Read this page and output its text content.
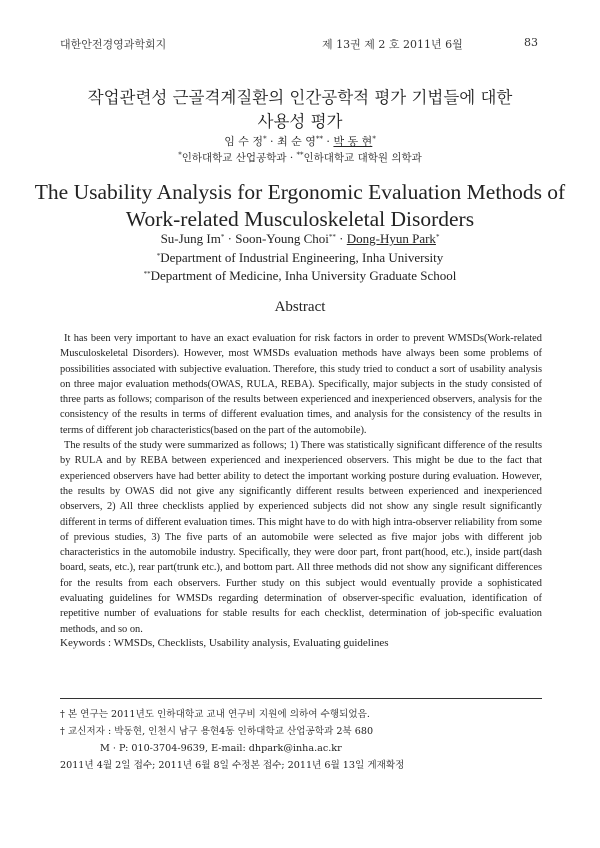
대한안전경영과학회지	제 13권 제 2 호 2011년 6월	83
작업관련성 근골격계질환의 인간공학적 평가 기법들에 대한
사용성 평가
임 수 정* · 최 순 영** · 박 동 현*
*인하대학교 산업공학과 · **인하대학교 대학원 의학과
The Usability Analysis for Ergonomic Evaluation Methods of
Work-related Musculoskeletal Disorders
Su-Jung Im* · Soon-Young Choi** · Dong-Hyun Park*
*Department of Industrial Engineering, Inha University
**Department of Medicine, Inha University Graduate School
Abstract

It has been very important to have an exact evaluation for risk factors in order to prevent WMSDs(Work-related Musculoskeletal Disorders). However, most WMSDs evaluation methods have always been some problems of possibilities associated with subjective evaluation. Therefore, this study tried to conduct a sort of usability analysis on three major evaluation methods(OWAS, RULA, REBA). Specifically, major subjects in the study consisted of three parts as follows; comparison of the results between experienced and inexperienced observers, analysis for the consistency of the results in terms of different evaluation times, and analysis for the consistency of the results in terms of different job characteristics(based on the part of the automobile).

The results of the study were summarized as follows; 1) There was statistically significant difference of the results by RULA and by REBA between experienced and inexperienced observers. This might be due to the fact that experienced observers have had better ability to detect the important working posture during evaluation. However, the results by OWAS did not give any significantly different results between experienced and inexperienced observers, 2) All three checklists applied by experienced subjects did not show any single result significantly different in terms of different evaluation times. This might have to do with high intra-observer reliability from some of previous studies, 3) The five parts of an automobile were selected as five major jobs with different job characteristics in the automobile industry. Specifically, they were door part, front part(hood, etc.), inside part(dash board, seats, etc.), rear part(trunk etc.), and bottom part. All three methods did not show any significant differences for the results from each observers. Further study on this subject would eventually provide a sophisticated evaluating guidelines for WMSDs regarding determination of observer-specific evaluation, identification of repetitive number of evaluations for stable results for each checklist, determination of job-specific evaluation methods, and so on.

Keywords : WMSDs, Checklists, Usability analysis, Evaluating guidelines
† 본 연구는 2011년도 인하대학교 교내 연구비 지원에 의하여 수행되었음.
† 교신저자 : 박동현, 인천시 남구 용현4동 인하대학교 산업공학과 2북 680
M · P: 010-3704-9639, E-mail: dhpark@inha.ac.kr
2011년 4월 2일 접수; 2011년 6월 8일 수정본 접수; 2011년 6월 13일 게재확정
